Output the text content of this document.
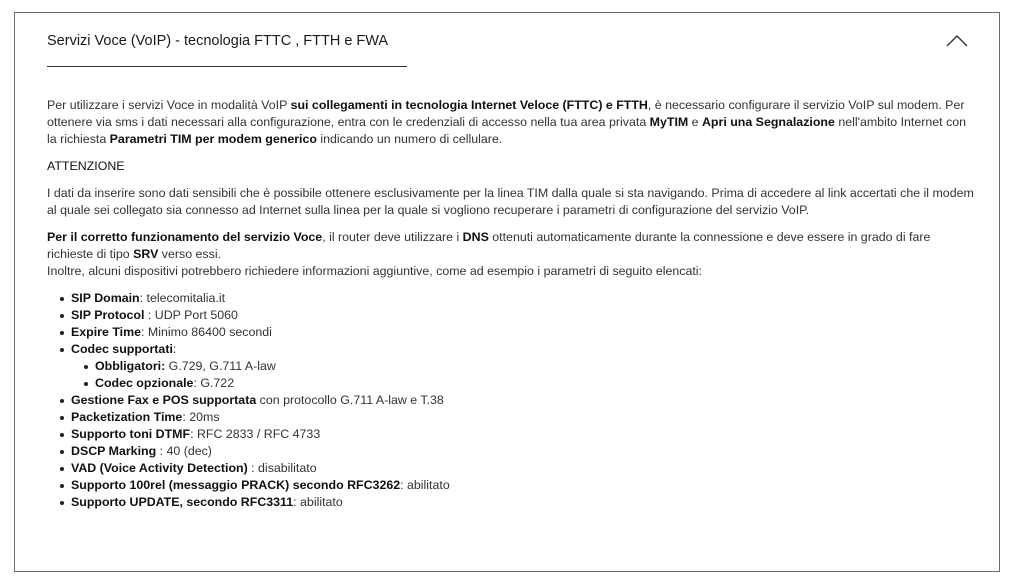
Servizi Voce (VoIP) - tecnologia FTTC , FTTH e FWA

Per utilizzare i servizi Voce in modalità VoIP sui collegamenti in tecnologia Internet Veloce (FTTC) e FTTH, è necessario configurare il servizio VoIP sul modem. Per ottenere via sms i dati necessari alla configurazione, entra con le credenziali di accesso nella tua area privata MyTIM e Apri una Segnalazione nell'ambito Internet con la richiesta Parametri TIM per modem generico indicando un numero di cellulare.

ATTENZIONE

I dati da inserire sono dati sensibili che è possibile ottenere esclusivamente per la linea TIM dalla quale si sta navigando. Prima di accedere al link accertati che il modem al quale sei collegato sia connesso ad Internet sulla linea per la quale si vogliono recuperare i parametri di configurazione del servizio VoIP.

Per il corretto funzionamento del servizio Voce, il router deve utilizzare i DNS ottenuti automaticamente durante la connessione e deve essere in grado di fare richieste di tipo SRV verso essi.

Inoltre, alcuni dispositivi potrebbero richiedere informazioni aggiuntive, come ad esempio i parametri di seguito elencati:

SIP Domain: telecomitalia.it
SIP Protocol : UDP Port 5060
Expire Time: Minimo 86400 secondi
Codec supportati:
Obbligatori: G.729, G.711 A-law
Codec opzionale: G.722
Gestione Fax e POS supportata con protocollo G.711 A-law e T.38
Packetization Time: 20ms
Supporto toni DTMF: RFC 2833 / RFC 4733
DSCP Marking : 40 (dec)
VAD (Voice Activity Detection) : disabilitato
Supporto 100rel (messaggio PRACK) secondo RFC3262: abilitato
Supporto UPDATE, secondo RFC3311: abilitato
